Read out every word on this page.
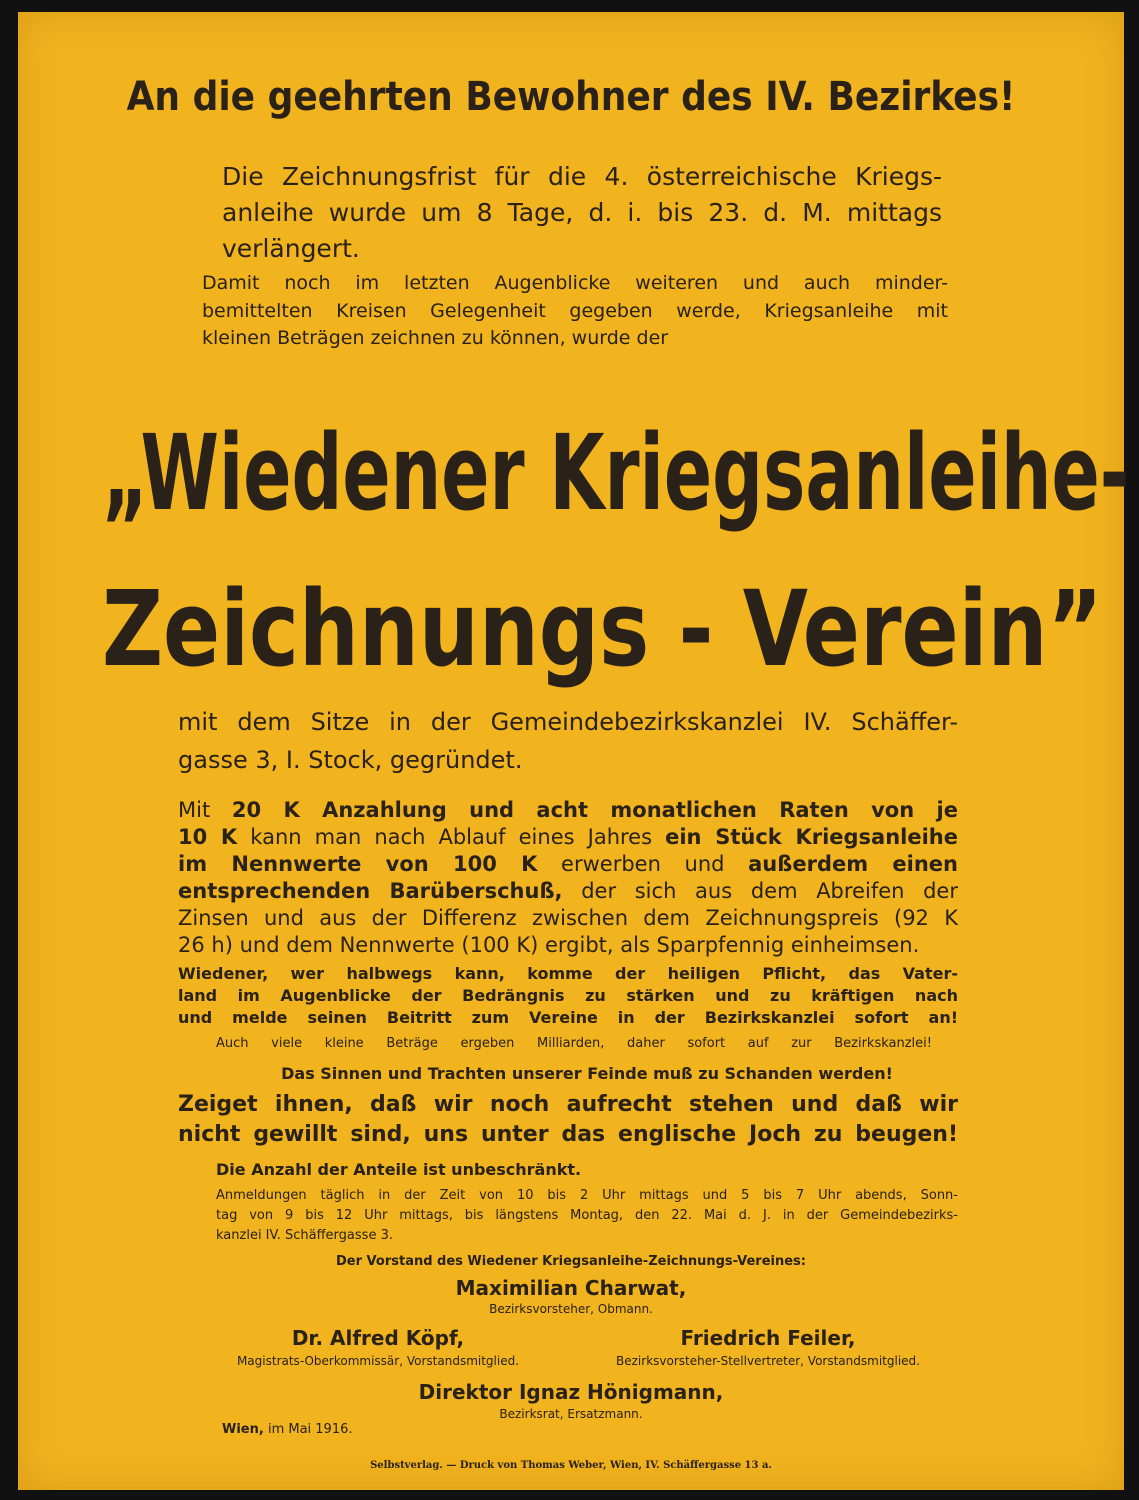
An die geehrten Bewohner des IV. Bezirkes!
Die Zeichnungsfrist für die 4. österreichische Kriegs-
anleihe wurde um 8 Tage, d. i. bis 23. d. M. mittags
verlängert.
Damit noch im letzten Augenblicke weiteren und auch minder-
bemittelten Kreisen Gelegenheit gegeben werde, Kriegsanleihe mit
kleinen Beträgen zeichnen zu können, wurde der
„Wiedener Kriegsanleihe-
Zeichnungs - Verein”
mit dem Sitze in der Gemeindebezirkskanzlei IV. Schäffer-
gasse 3, I. Stock, gegründet.
Mit 20 K Anzahlung und acht monatlichen Raten von je
10 K kann man nach Ablauf eines Jahres ein Stück Kriegsanleihe
im Nennwerte von 100 K erwerben und außerdem einen
entsprechenden Barüberschuß, der sich aus dem Abreifen der
Zinsen und aus der Differenz zwischen dem Zeichnungspreis (92 K
26 h) und dem Nennwerte (100 K) ergibt, als Sparpfennig einheimsen.
Wiedener, wer halbwegs kann, komme der heiligen Pflicht, das Vater-
land im Augenblicke der Bedrängnis zu stärken und zu kräftigen nach
und melde seinen Beitritt zum Vereine in der Bezirkskanzlei sofort an!
Auch viele kleine Beträge ergeben Milliarden, daher sofort auf zur Bezirkskanzlei!
Das Sinnen und Trachten unserer Feinde muß zu Schanden werden!
Zeiget ihnen, daß wir noch aufrecht stehen und daß wir
nicht gewillt sind, uns unter das englische Joch zu beugen!
Die Anzahl der Anteile ist unbeschränkt.
Anmeldungen täglich in der Zeit von 10 bis 2 Uhr mittags und 5 bis 7 Uhr abends, Sonn-
tag von 9 bis 12 Uhr mittags, bis längstens Montag, den 22. Mai d. J. in der Gemeindebezirks-
kanzlei IV. Schäffergasse 3.
Der Vorstand des Wiedener Kriegsanleihe-Zeichnungs-Vereines:
Maximilian Charwat,
Bezirksvorsteher, Obmann.
Dr. Alfred Köpf,
Magistrats-Oberkommissär, Vorstandsmitglied.
Friedrich Feiler,
Bezirksvorsteher-Stellvertreter, Vorstandsmitglied.
Direktor Ignaz Hönigmann,
Bezirksrat, Ersatzmann.
Wien, im Mai 1916.
Selbstverlag. — Druck von Thomas Weber, Wien, IV. Schäffergasse 13 a.
